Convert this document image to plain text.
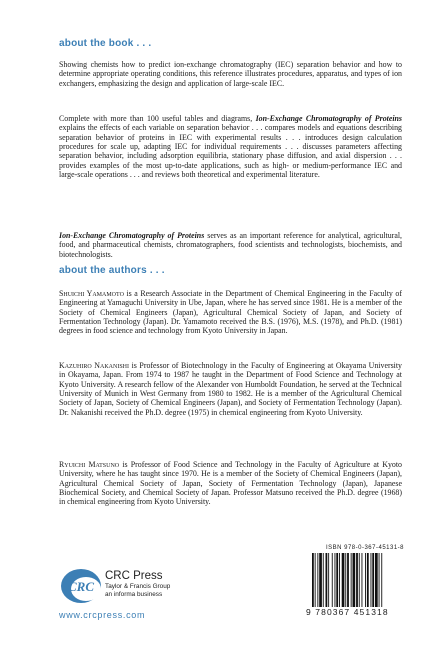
about the book . . .

Showing chemists how to predict ion-exchange chromatography (IEC) separation behavior and how to determine appropriate operating conditions, this reference illustrates procedures, apparatus, and types of ion exchangers, emphasizing the design and application of large-scale IEC.

Complete with more than 100 useful tables and diagrams, Ion-Exchange Chromatography of Proteins explains the effects of each variable on separation behavior . . . compares models and equations describing separation behavior of proteins in IEC with experimental results . . . introduces design calculation procedures for scale up, adapting IEC for individual requirements . . . discusses parameters affecting separation behavior, including adsorption equilibria, stationary phase diffusion, and axial dispersion . . . provides examples of the most up-to-date applications, such as high- or medium-performance IEC and large-scale operations . . . and reviews both theoretical and experimental literature.

Ion-Exchange Chromatography of Proteins serves as an important reference for analytical, agricultural, food, and pharmaceutical chemists, chromatographers, food scientists and technologists, biochemists, and biotechnologists.

about the authors . . .

Shuichi Yamamoto is a Research Associate in the Department of Chemical Engineering in the Faculty of Engineering at Yamaguchi University in Ube, Japan, where he has served since 1981. He is a member of the Society of Chemical Engineers (Japan), Agricultural Chemical Society of Japan, and Society of Fermentation Technology (Japan). Dr. Yamamoto received the B.S. (1976), M.S. (1978), and Ph.D. (1981) degrees in food science and technology from Kyoto University in Japan.

Kazuhiro Nakanishi is Professor of Biotechnology in the Faculty of Engineering at Okayama University in Okayama, Japan. From 1974 to 1987 he taught in the Department of Food Science and Technology at Kyoto University. A research fellow of the Alexander von Humboldt Foundation, he served at the Technical University of Munich in West Germany from 1980 to 1982. He is a member of the Agricultural Chemical Society of Japan, Society of Chemical Engineers (Japan), and Society of Fermentation Technology (Japan). Dr. Nakanishi received the Ph.D. degree (1975) in chemical engineering from Kyoto University.

Ryuichi Matsuno is Professor of Food Science and Technology in the Faculty of Agriculture at Kyoto University, where he has taught since 1970. He is a member of the Society of Chemical Engineers (Japan), Agricultural Chemical Society of Japan, Society of Fermentation Technology (Japan), Japanese Biochemical Society, and Chemical Society of Japan. Professor Matsuno received the Ph.D. degree (1968) in chemical engineering from Kyoto University.

CRC
CRC Press
Taylor & Francis Group
an informa business
www.crcpress.com
ISBN 978-0-367-45131-8
9 780367 451318
